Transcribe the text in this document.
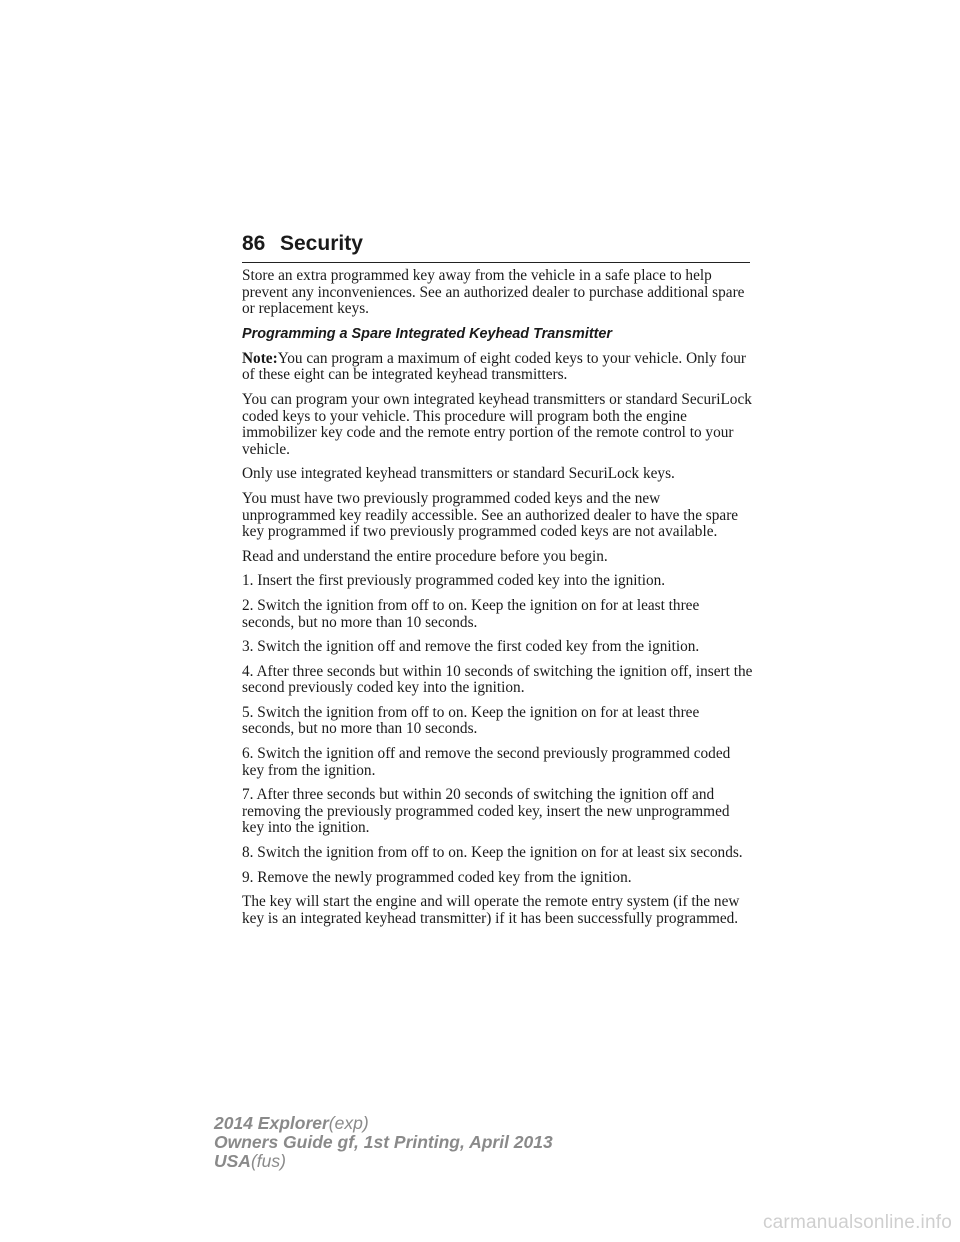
86 Security

Store an extra programmed key away from the vehicle in a safe place to help prevent any inconveniences. See an authorized dealer to purchase additional spare or replacement keys.

Programming a Spare Integrated Keyhead Transmitter

Note:You can program a maximum of eight coded keys to your vehicle. Only four of these eight can be integrated keyhead transmitters.

You can program your own integrated keyhead transmitters or standard SecuriLock coded keys to your vehicle. This procedure will program both the engine immobilizer key code and the remote entry portion of the remote control to your vehicle.

Only use integrated keyhead transmitters or standard SecuriLock keys.

You must have two previously programmed coded keys and the new unprogrammed key readily accessible. See an authorized dealer to have the spare key programmed if two previously programmed coded keys are not available.

Read and understand the entire procedure before you begin.

1. Insert the first previously programmed coded key into the ignition.

2. Switch the ignition from off to on. Keep the ignition on for at least three seconds, but no more than 10 seconds.

3. Switch the ignition off and remove the first coded key from the ignition.

4. After three seconds but within 10 seconds of switching the ignition off, insert the second previously coded key into the ignition.

5. Switch the ignition from off to on. Keep the ignition on for at least three seconds, but no more than 10 seconds.

6. Switch the ignition off and remove the second previously programmed coded key from the ignition.

7. After three seconds but within 20 seconds of switching the ignition off and removing the previously programmed coded key, insert the new unprogrammed key into the ignition.

8. Switch the ignition from off to on. Keep the ignition on for at least six seconds.

9. Remove the newly programmed coded key from the ignition.

The key will start the engine and will operate the remote entry system (if the new key is an integrated keyhead transmitter) if it has been successfully programmed.

2014 Explorer(exp)
Owners Guide gf, 1st Printing, April 2013
USA(fus)
carmanualsonline.info
